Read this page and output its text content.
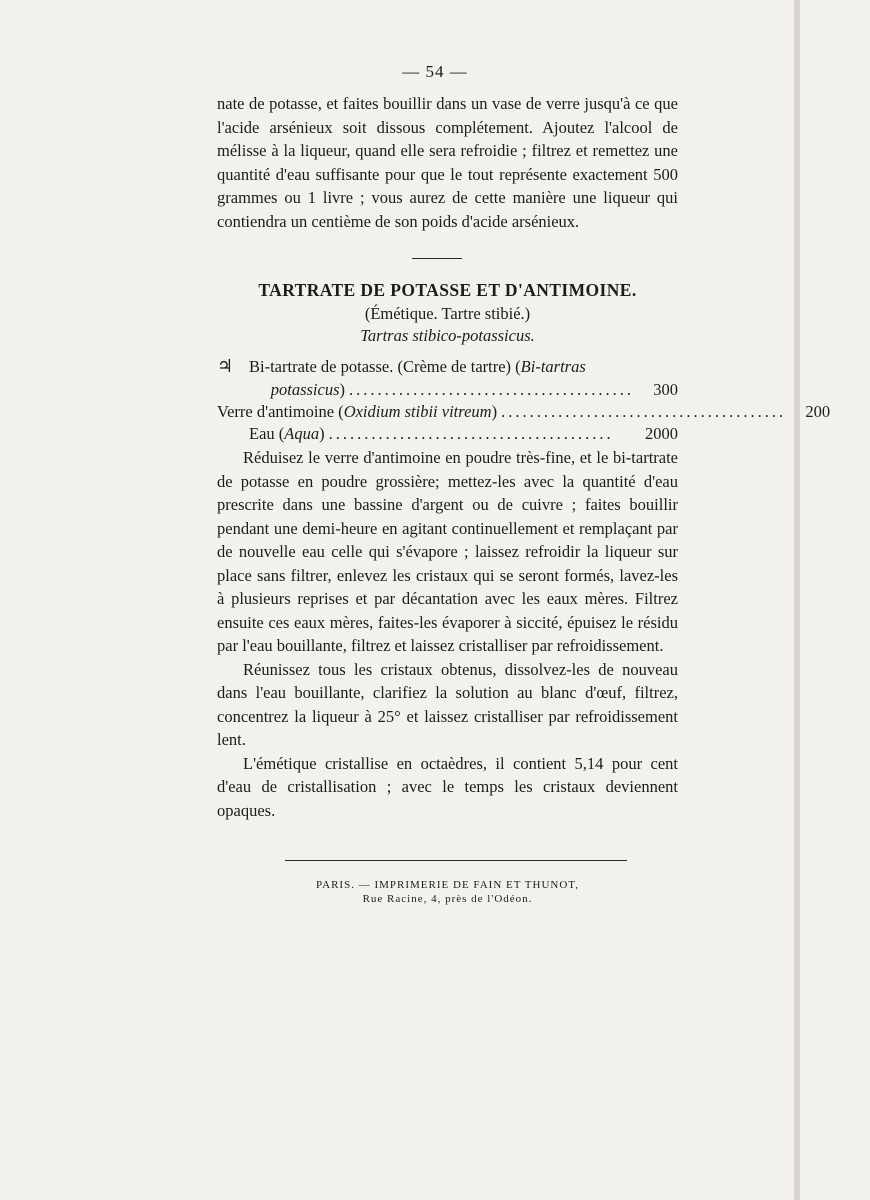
— 54 —

nate de potasse, et faites bouillir dans un vase de verre jusqu'à ce que l'acide arsénieux soit dissous complétement. Ajoutez l'alcool de mélisse à la liqueur, quand elle sera refroidie ; filtrez et remettez une quantité d'eau suffisante pour que le tout représente exactement 500 grammes ou 1 livre ; vous aurez de cette manière une liqueur qui contiendra un centième de son poids d'acide arsénieux.

TARTRATE DE POTASSE ET D'ANTIMOINE.
(Émétique. Tartre stibié.)
Tartras stibico-potassicus.
♃ Bi-tartrate de potasse. (Crème de tartre) ( Bi-tartras
potassicus ) ........................................	300
Verre d'antimoine ( Oxidium stibii vitreum ) ........................................	200
Eau ( Aqua ) ........................................	2000

Réduisez le verre d'antimoine en poudre très-fine, et le bi-tartrate de potasse en poudre grossière; mettez-les avec la quantité d'eau prescrite dans une bassine d'argent ou de cuivre ; faites bouillir pendant une demi-heure en agitant continuellement et remplaçant par de nouvelle eau celle qui s'évapore ; laissez refroidir la liqueur sur place sans filtrer, enlevez les cristaux qui se seront formés, lavez-les à plusieurs reprises et par décantation avec les eaux mères. Filtrez ensuite ces eaux mères, faites-les évaporer à siccité, épuisez le résidu par l'eau bouillante, filtrez et laissez cristalliser par refroidissement.

Réunissez tous les cristaux obtenus, dissolvez-les de nouveau dans l'eau bouillante, clarifiez la solution au blanc d'œuf, filtrez, concentrez la liqueur à 25° et laissez cristalliser par refroidissement lent.

L'émétique cristallise en octaèdres, il contient 5,14 pour cent d'eau de cristallisation ; avec le temps les cristaux deviennent opaques.

PARIS. — IMPRIMERIE DE FAIN ET THUNOT,
Rue Racine, 4, près de l'Odéon.
